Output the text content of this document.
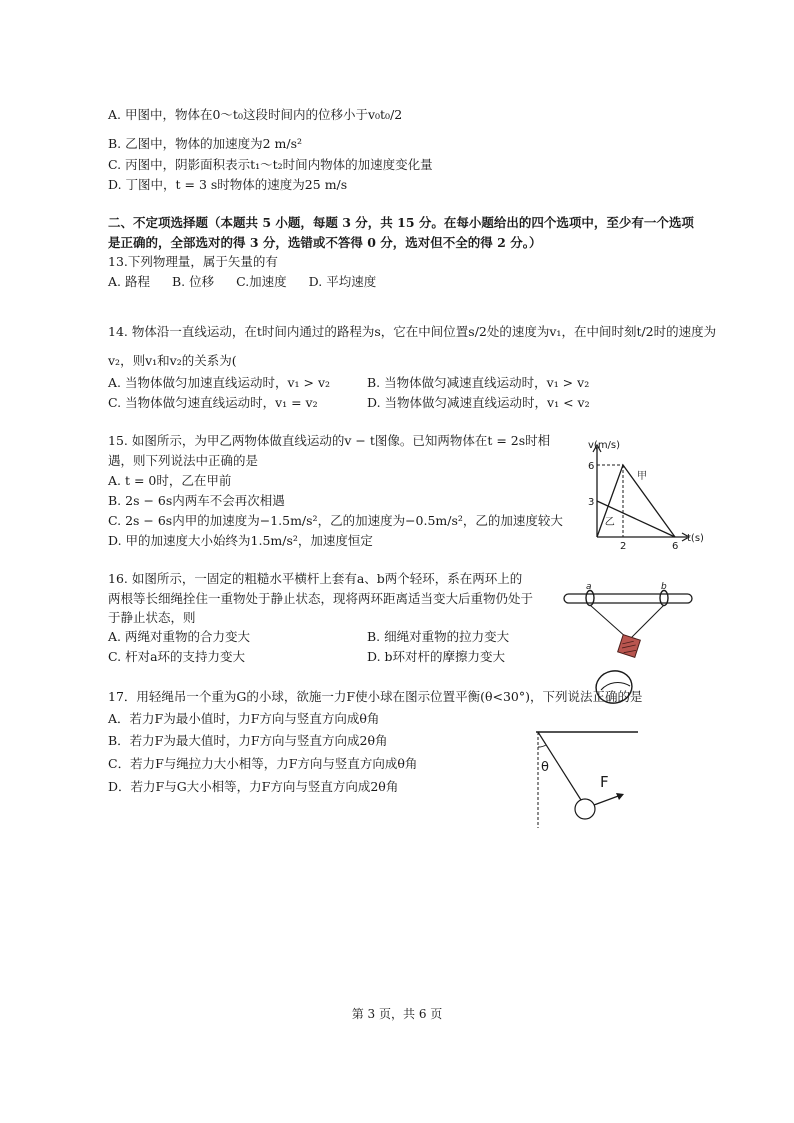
A. 甲图中，物体在0～t₀这段时间内的位移小于v₀t₀/2
B. 乙图中，物体的加速度为2 m/s²
C. 丙图中，阴影面积表示t₁～t₂时间内物体的加速度变化量
D. 丁图中，t = 3 s时物体的速度为25 m/s
二、不定项选择题（本题共 5 小题，每题 3 分，共 15 分。在每小题给出的四个选项中，至少有一个选项
是正确的，全部选对的得 3 分，选错或不答得 0 分，选对但不全的得 2 分。）
13.下列物理量，属于矢量的有
A. 路程 B. 位移 C.加速度 D. 平均速度
14. 物体沿一直线运动，在t时间内通过的路程为s，它在中间位置s/2处的速度为v₁，在中间时刻t/2时的速度为
v₂，则v₁和v₂的关系为(
A. 当物体做匀加速直线运动时，v₁ > v₂	B. 当物体做匀减速直线运动时，v₁ > v₂
C. 当物体做匀速直线运动时，v₁ = v₂	D. 当物体做匀减速直线运动时，v₁ < v₂
15. 如图所示，为甲乙两物体做直线运动的v − t图像。已知两物体在t = 2s时相
遇，则下列说法中正确的是
A. t = 0时，乙在甲前
B. 2s − 6s内两车不会再次相遇
C. 2s − 6s内甲的加速度为−1.5m/s²，乙的加速度为−0.5m/s²，乙的加速度较大
D. 甲的加速度大小始终为1.5m/s²，加速度恒定
甲
乙
3
6
2	6
v(m/s)
t(s)
16. 如图所示，一固定的粗糙水平横杆上套有a、b两个轻环，系在两环上的
两根等长细绳拴住一重物处于静止状态，现将两环距离适当变大后重物仍处于
于静止状态，则
A. 两绳对重物的合力变大	B. 细绳对重物的拉力变大
C. 杆对a环的支持力变大	D. b环对杆的摩擦力变大
a	b
17．用轻绳吊一个重为G的小球，欲施一力F使小球在图示位置平衡(θ<30°)，下列说法正确的是
A．若力F为最小值时，力F方向与竖直方向成θ角
B．若力F为最大值时，力F方向与竖直方向成2θ角
C．若力F与绳拉力大小相等，力F方向与竖直方向成θ角
D．若力F与G大小相等，力F方向与竖直方向成2θ角
θ
F
第 3 页，共 6 页
